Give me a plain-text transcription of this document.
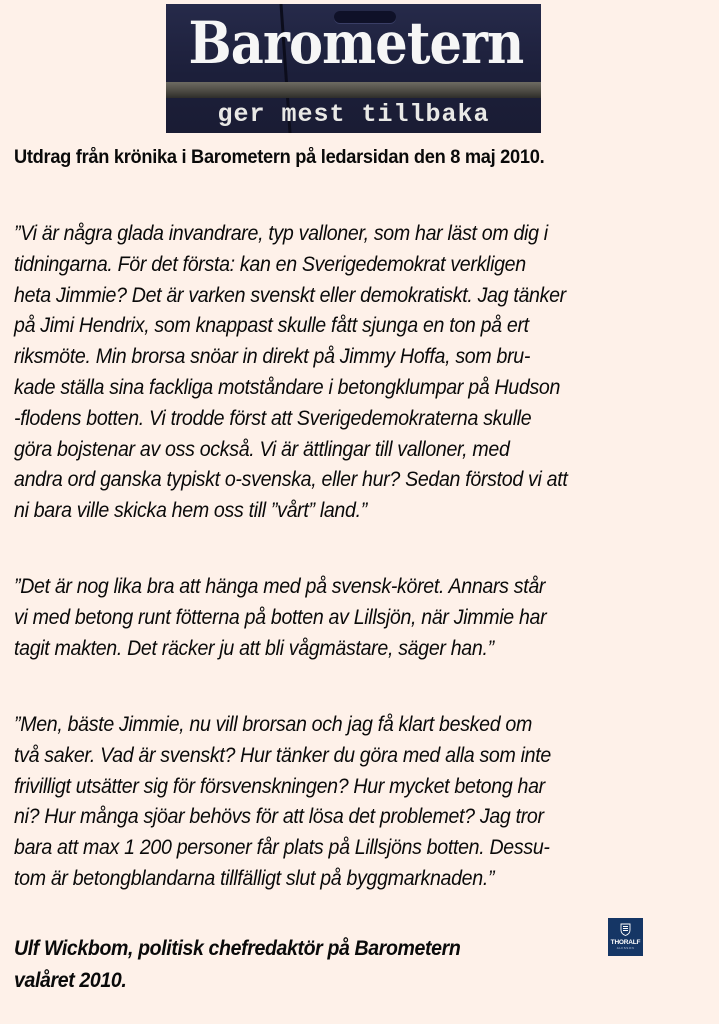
Barometern
ger mest tillbaka
Utdrag från krönika i Barometern på ledarsidan den 8 maj 2010.
”Vi är några glada invandrare, typ valloner, som har läst om dig i
tidningarna. För det första: kan en Sverigedemokrat verkligen
heta Jimmie? Det är varken svenskt eller demokratiskt. Jag tänker
på Jimi Hendrix, som knappast skulle fått sjunga en ton på ert
riksmöte. Min brorsa snöar in direkt på Jimmy Hoffa, som bru-
kade ställa sina fackliga motståndare i betongklumpar på Hudson
-flodens botten. Vi trodde först att Sverigedemokraterna skulle
göra bojstenar av oss också. Vi är ättlingar till valloner, med
andra ord ganska typiskt o-svenska, eller hur? Sedan förstod vi att
ni bara ville skicka hem oss till ”vårt” land.”
”Det är nog lika bra att hänga med på svensk-köret. Annars står
vi med betong runt fötterna på botten av Lillsjön, när Jimmie har
tagit makten. Det räcker ju att bli vågmästare, säger han.”
”Men, bäste Jimmie, nu vill brorsan och jag få klart besked om
två saker. Vad är svenskt? Hur tänker du göra med alla som inte
frivilligt utsätter sig för försvenskningen? Hur mycket betong har
ni? Hur många sjöar behövs för att lösa det problemet? Jag tror
bara att max 1 200 personer får plats på Lillsjöns botten. Dessu-
tom är betongblandarna tillfälligt slut på byggmarknaden.”
Ulf Wickbom, politisk chefredaktör på Barometern
valåret 2010.
THORALF
ALFSSON
